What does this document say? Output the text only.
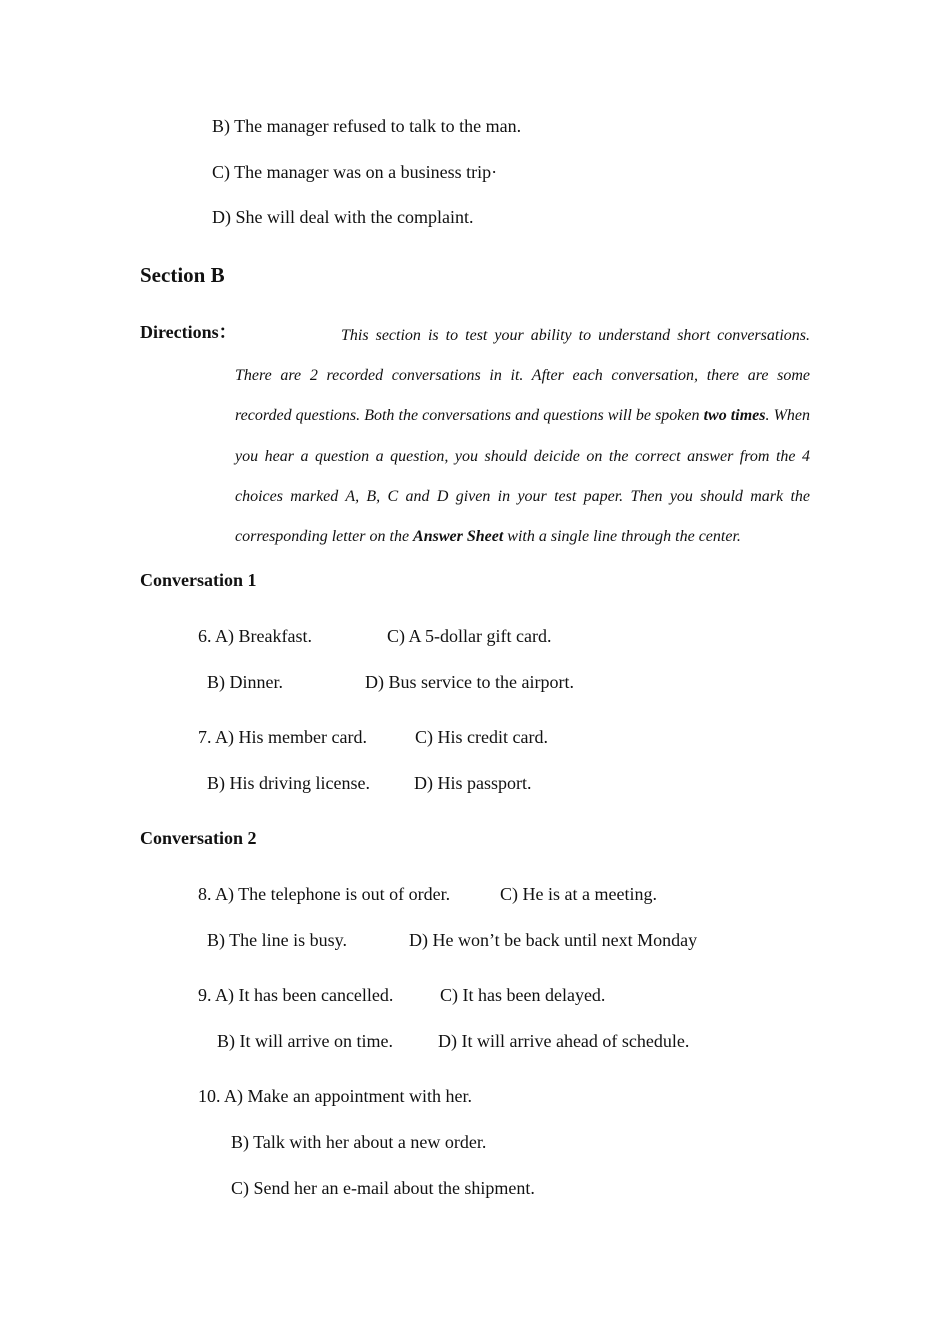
B) The manager refused to talk to the man.
C) The manager was on a business trip·
D) She will deal with the complaint.
Section B
Directions：	This section is to test your ability to understand short conversations. There are 2 recorded conversations in it. After each conversation, there are some recorded questions. Both the conversations and questions will be spoken two times. When you hear a question a question, you should deicide on the correct answer from the 4 choices marked A, B, C and D given in your test paper. Then you should mark the corresponding letter on the Answer Sheet with a single line through the center.
Conversation 1
6. A) Breakfast.	C) A 5-dollar gift card.
B) Dinner.	D) Bus service to the airport.
7. A) His member card.	C) His credit card.
B) His driving license. D) His passport.
Conversation 2
8. A) The telephone is out of order.	C) He is at a meeting.
B) The line is busy.	D) He won’t be back until next Monday
9. A) It has been cancelled.	C) It has been delayed.
B) It will arrive on time.	D) It will arrive ahead of schedule.
10. A) Make an appointment with her.
B) Talk with her about a new order.
C) Send her an e-mail about the shipment.
